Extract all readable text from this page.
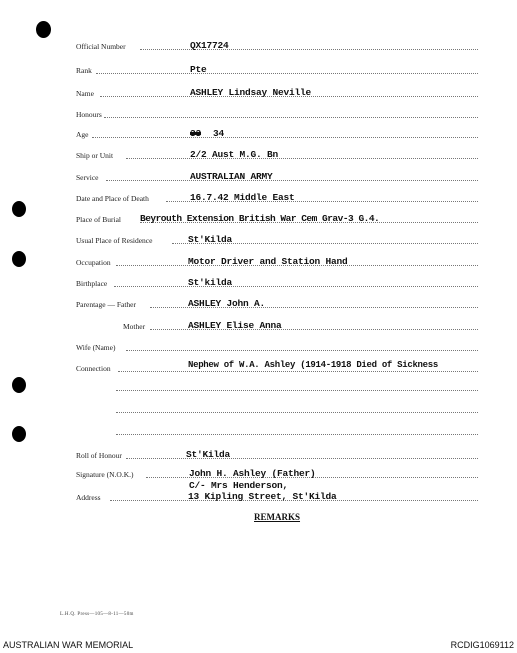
Official Number	QX17724
Rank	Pte
Name	ASHLEY Lindsay Neville
Honours
Age	33 34
Ship or Unit	2/2 Aust M.G. Bn
Service	AUSTRALIAN ARMY
Date and Place of Death	16.7.42 Middle East
Place of Burial Beyrouth Extension British War Cem Grav-3 G.4.
Usual Place of Residence	St'Kilda
Occupation	Motor Driver and Station Hand
Birthplace	St'kilda
Parentage — Father	ASHLEY John A.
Mother	ASHLEY Elise Anna
Wife (Name)
Connection	Nephew of W.A. Ashley (1914-1918 Died of Sickness
Roll of Honour	St'Kilda
Signature (N.O.K.)	John H. Ashley (Father)
C/- Mrs Henderson,
Address	13 Kipling Street, St'Kilda
REMARKS
L.H.Q. Press—105—8-11—50m
AUSTRALIAN WAR MEMORIAL	RCDIG1069112
